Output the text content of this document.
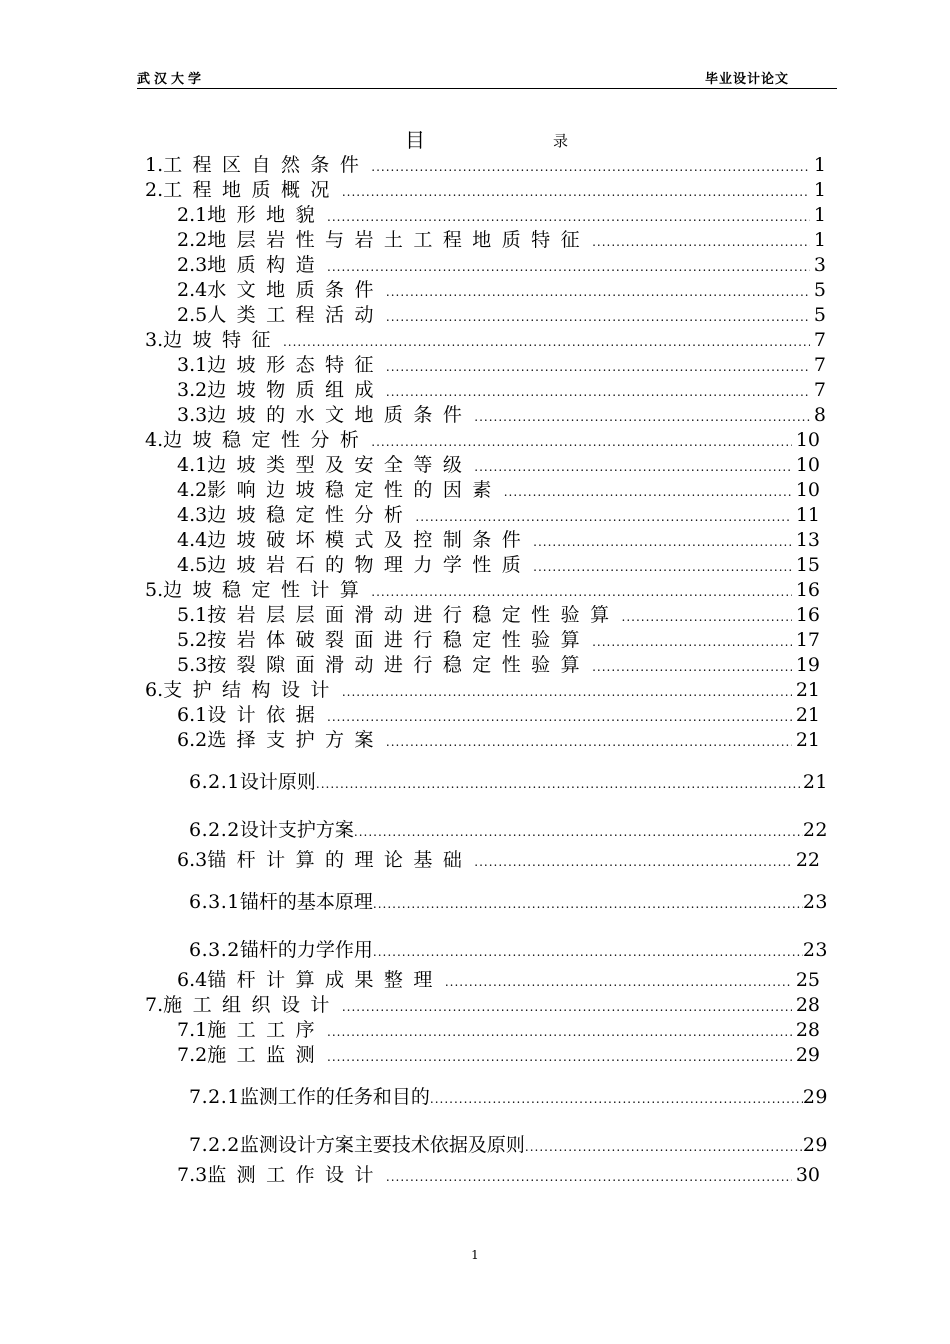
武汉大学	毕业设计论文
目	录
1. 工程区自然条件 .....	1
2. 工程地质概况 .....	1
2.1 地形地貌 .....	1
2.2 地层岩性与岩土工程地质特征 .....	1
2.3 地质构造 .....	3
2.4 水文地质条件 .....	5
2.5 人类工程活动 .....	5
3. 边坡特征 .....	7
3.1 边坡形态特征 .....	7
3.2 边坡物质组成 .....	7
3.3 边坡的水文地质条件 .....	8
4. 边坡稳定性分析 .....	10
4.1 边坡类型及安全等级 .....	10
4.2 影响边坡稳定性的因素 .....	10
4.3 边坡稳定性分析 .....	11
4.4 边坡破坏模式及控制条件 .....	13
4.5 边坡岩石的物理力学性质 .....	15
5. 边坡稳定性计算 .....	16
5.1 按岩层层面滑动进行稳定性验算 .....	16
5.2 按岩体破裂面进行稳定性验算 .....	17
5.3 按裂隙面滑动进行稳定性验算 .....	19
6. 支护结构设计 .....	21
6.1 设计依据 .....	21
6.2 选择支护方案 .....	21
6.2.1 设计原则 .....	21
6.2.2 设计支护方案 .....	22
6.3 锚杆计算的理论基础 .....	22
6.3.1 锚杆的基本原理 .....	23
6.3.2 锚杆的力学作用 .....	23
6.4 锚杆计算成果整理 .....	25
7. 施工组织设计 .....	28
7.1 施工工序 .....	28
7.2 施工监测 .....	29
7.2.1 监测工作的任务和目的 .....	29
7.2.2 监测设计方案主要技术依据及原则 .....	29
7.3 监测工作设计 .....	30
1
